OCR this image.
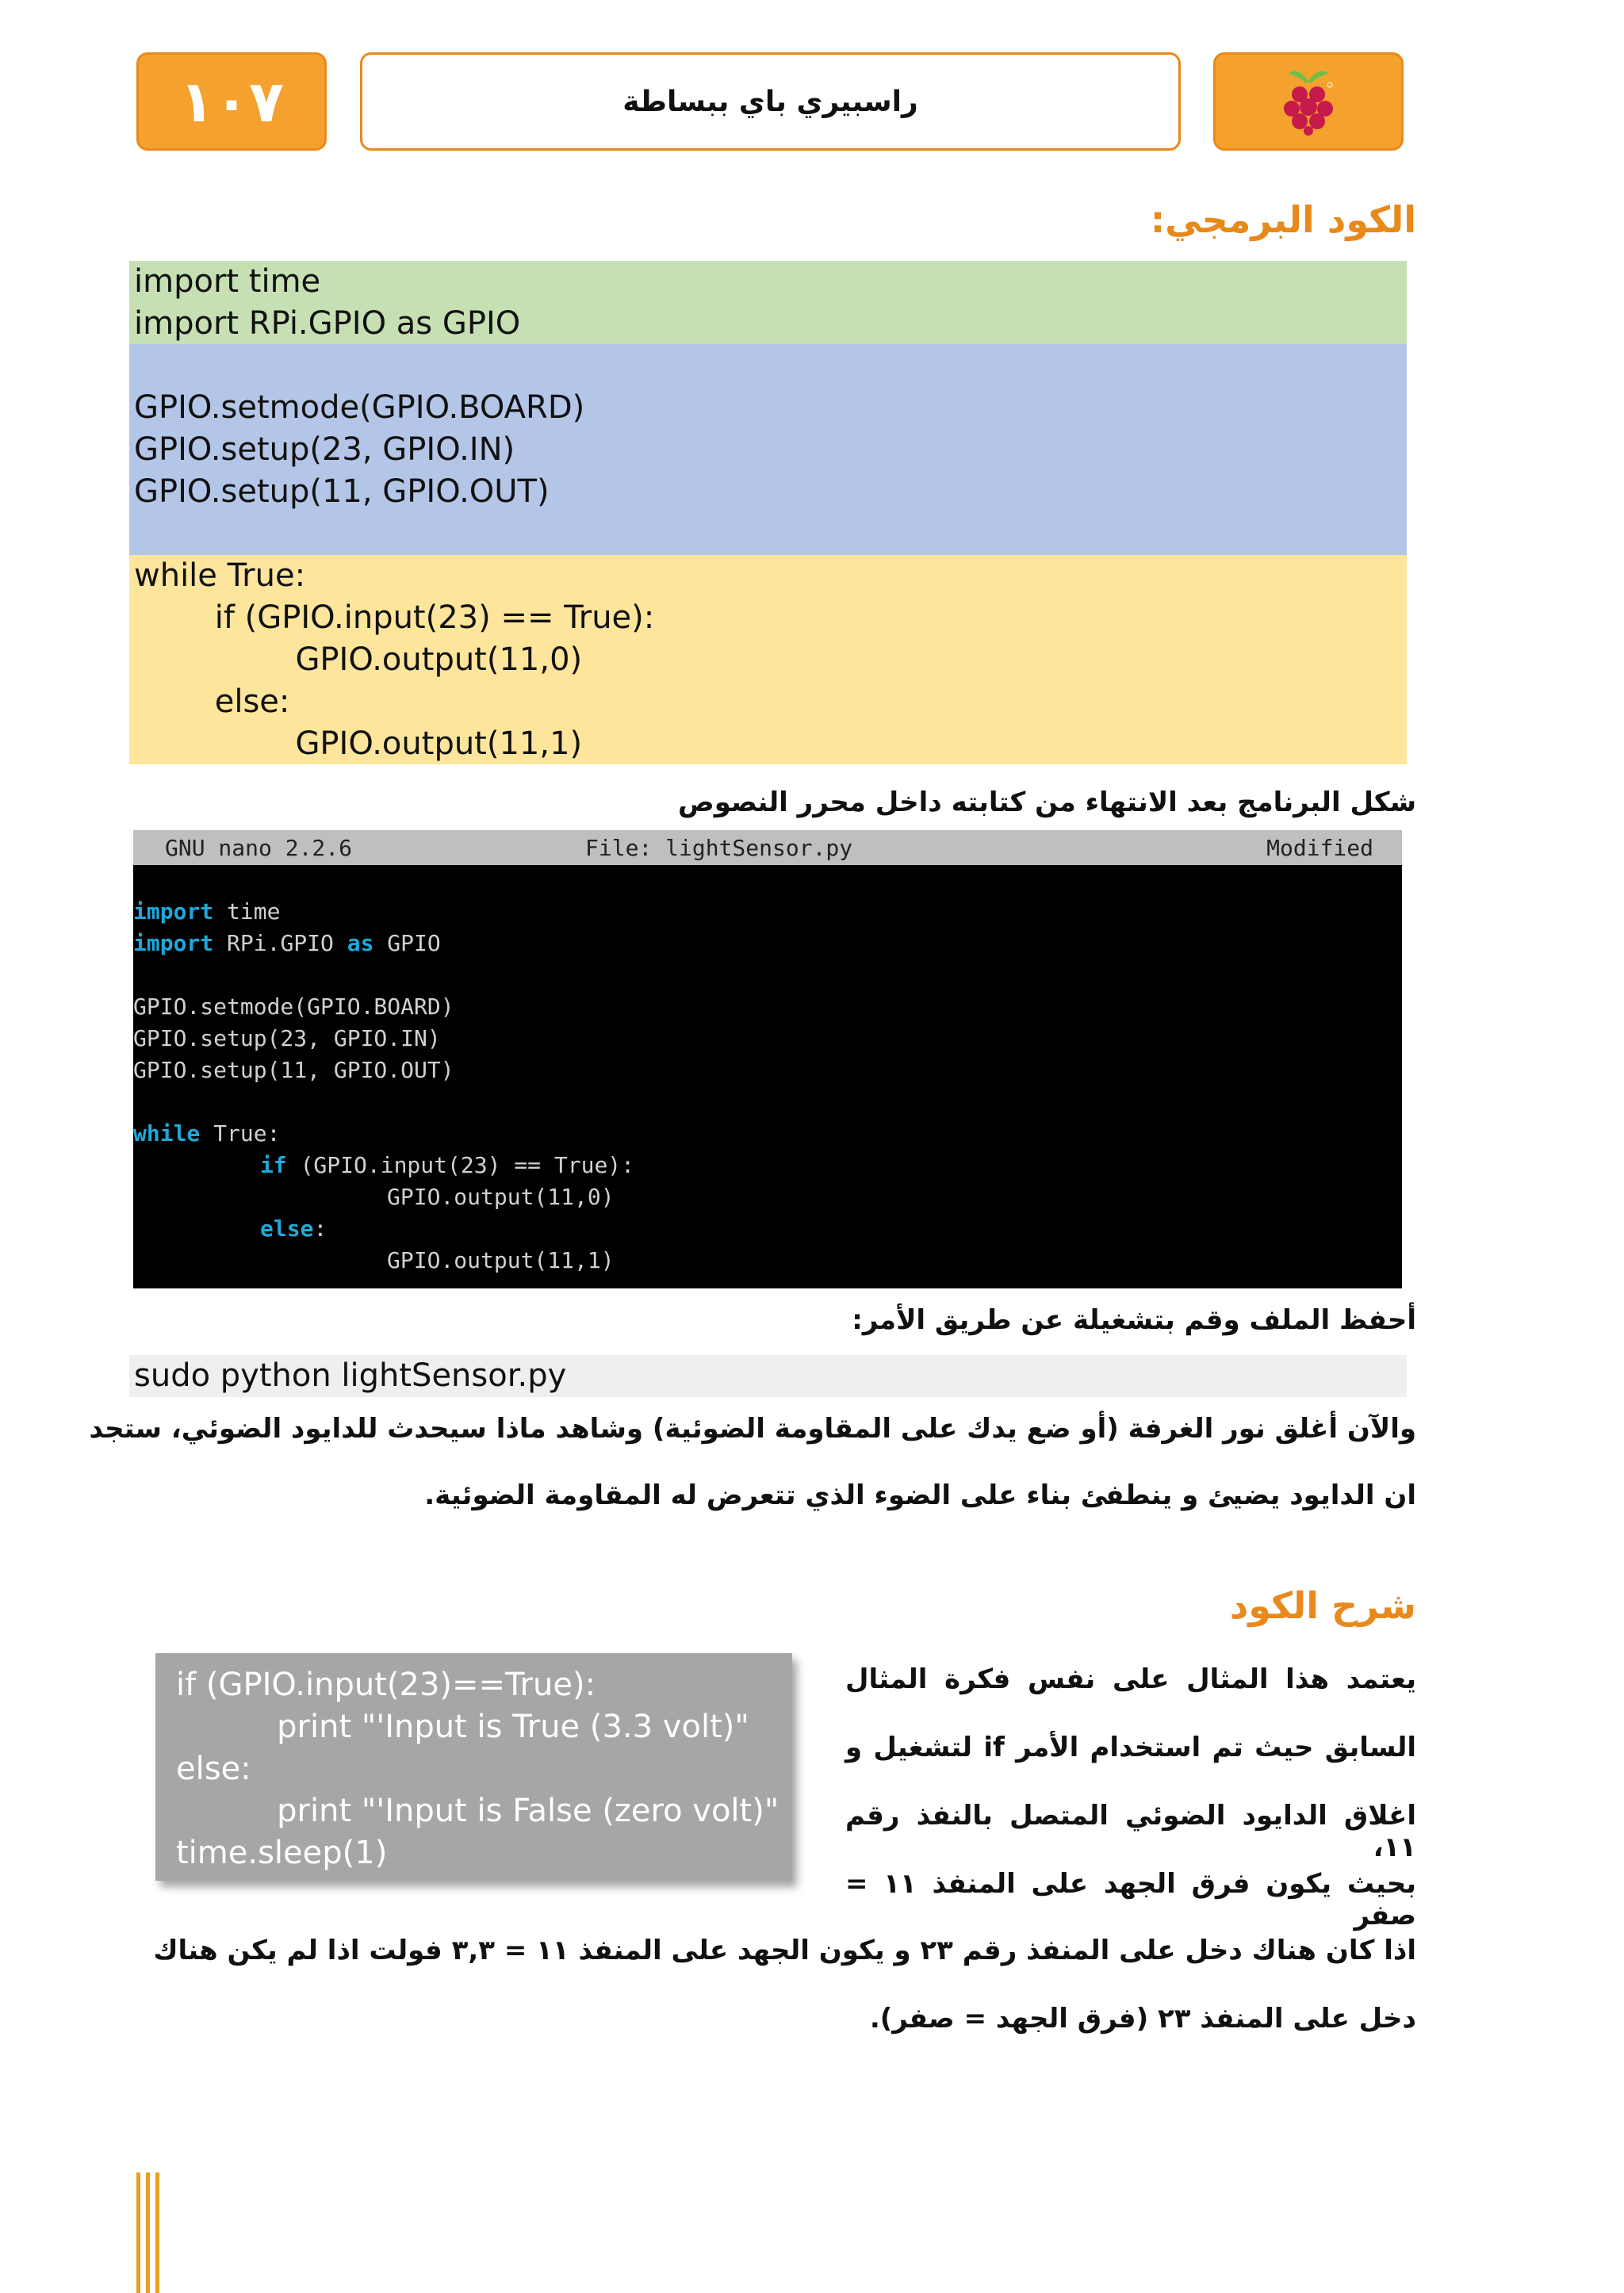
١٠٧	راسبيري باي ببساطة
الكود البرمجي:
import time
import RPi.GPIO as GPIO
GPIO.setmode(GPIO.BOARD)
GPIO.setup(23, GPIO.IN)
GPIO.setup(11, GPIO.OUT)
while True:
if (GPIO.input(23) == True):
GPIO.output(11,0)
else:
GPIO.output(11,1)
شكل البرنامج بعد الانتهاء من كتابته داخل محرر النصوص
GNU nano 2.2.6	File: lightSensor.py	Modified
import time
import RPi.GPIO as GPIO
GPIO.setmode(GPIO.BOARD)
GPIO.setup(23, GPIO.IN)
GPIO.setup(11, GPIO.OUT)
while True:
if (GPIO.input(23) == True):
GPIO.output(11,0)
else:
GPIO.output(11,1)
أحفظ الملف وقم بتشغيلة عن طريق الأمر:
sudo python lightSensor.py
والآن أغلق نور الغرفة (أو ضع يدك على المقاومة الضوئية) وشاهد ماذا سيحدث للدايود الضوئي، ستجد
ان الدايود يضيئ و ينطفئ بناء على الضوء الذي تتعرض له المقاومة الضوئية.
شرح الكود
if (GPIO.input(23)==True):
print "'Input is True (3.3 volt)"
else:
print "'Input is False (zero volt)"
time.sleep(1)
يعتمد هذا المثال على نفس فكرة المثال
السابق حيث تم استخدام الأمر if لتشغيل و
اغلاق الدايود الضوئي المتصل بالنفذ رقم ١١،
بحيث يكون فرق الجهد على المنفذ ١١ = صفر
اذا كان هناك دخل على المنفذ رقم ٢٣ و يكون الجهد على المنفذ ١١ = ٣,٣ فولت اذا لم يكن هناك
دخل على المنفذ ٢٣ (فرق الجهد = صفر).
